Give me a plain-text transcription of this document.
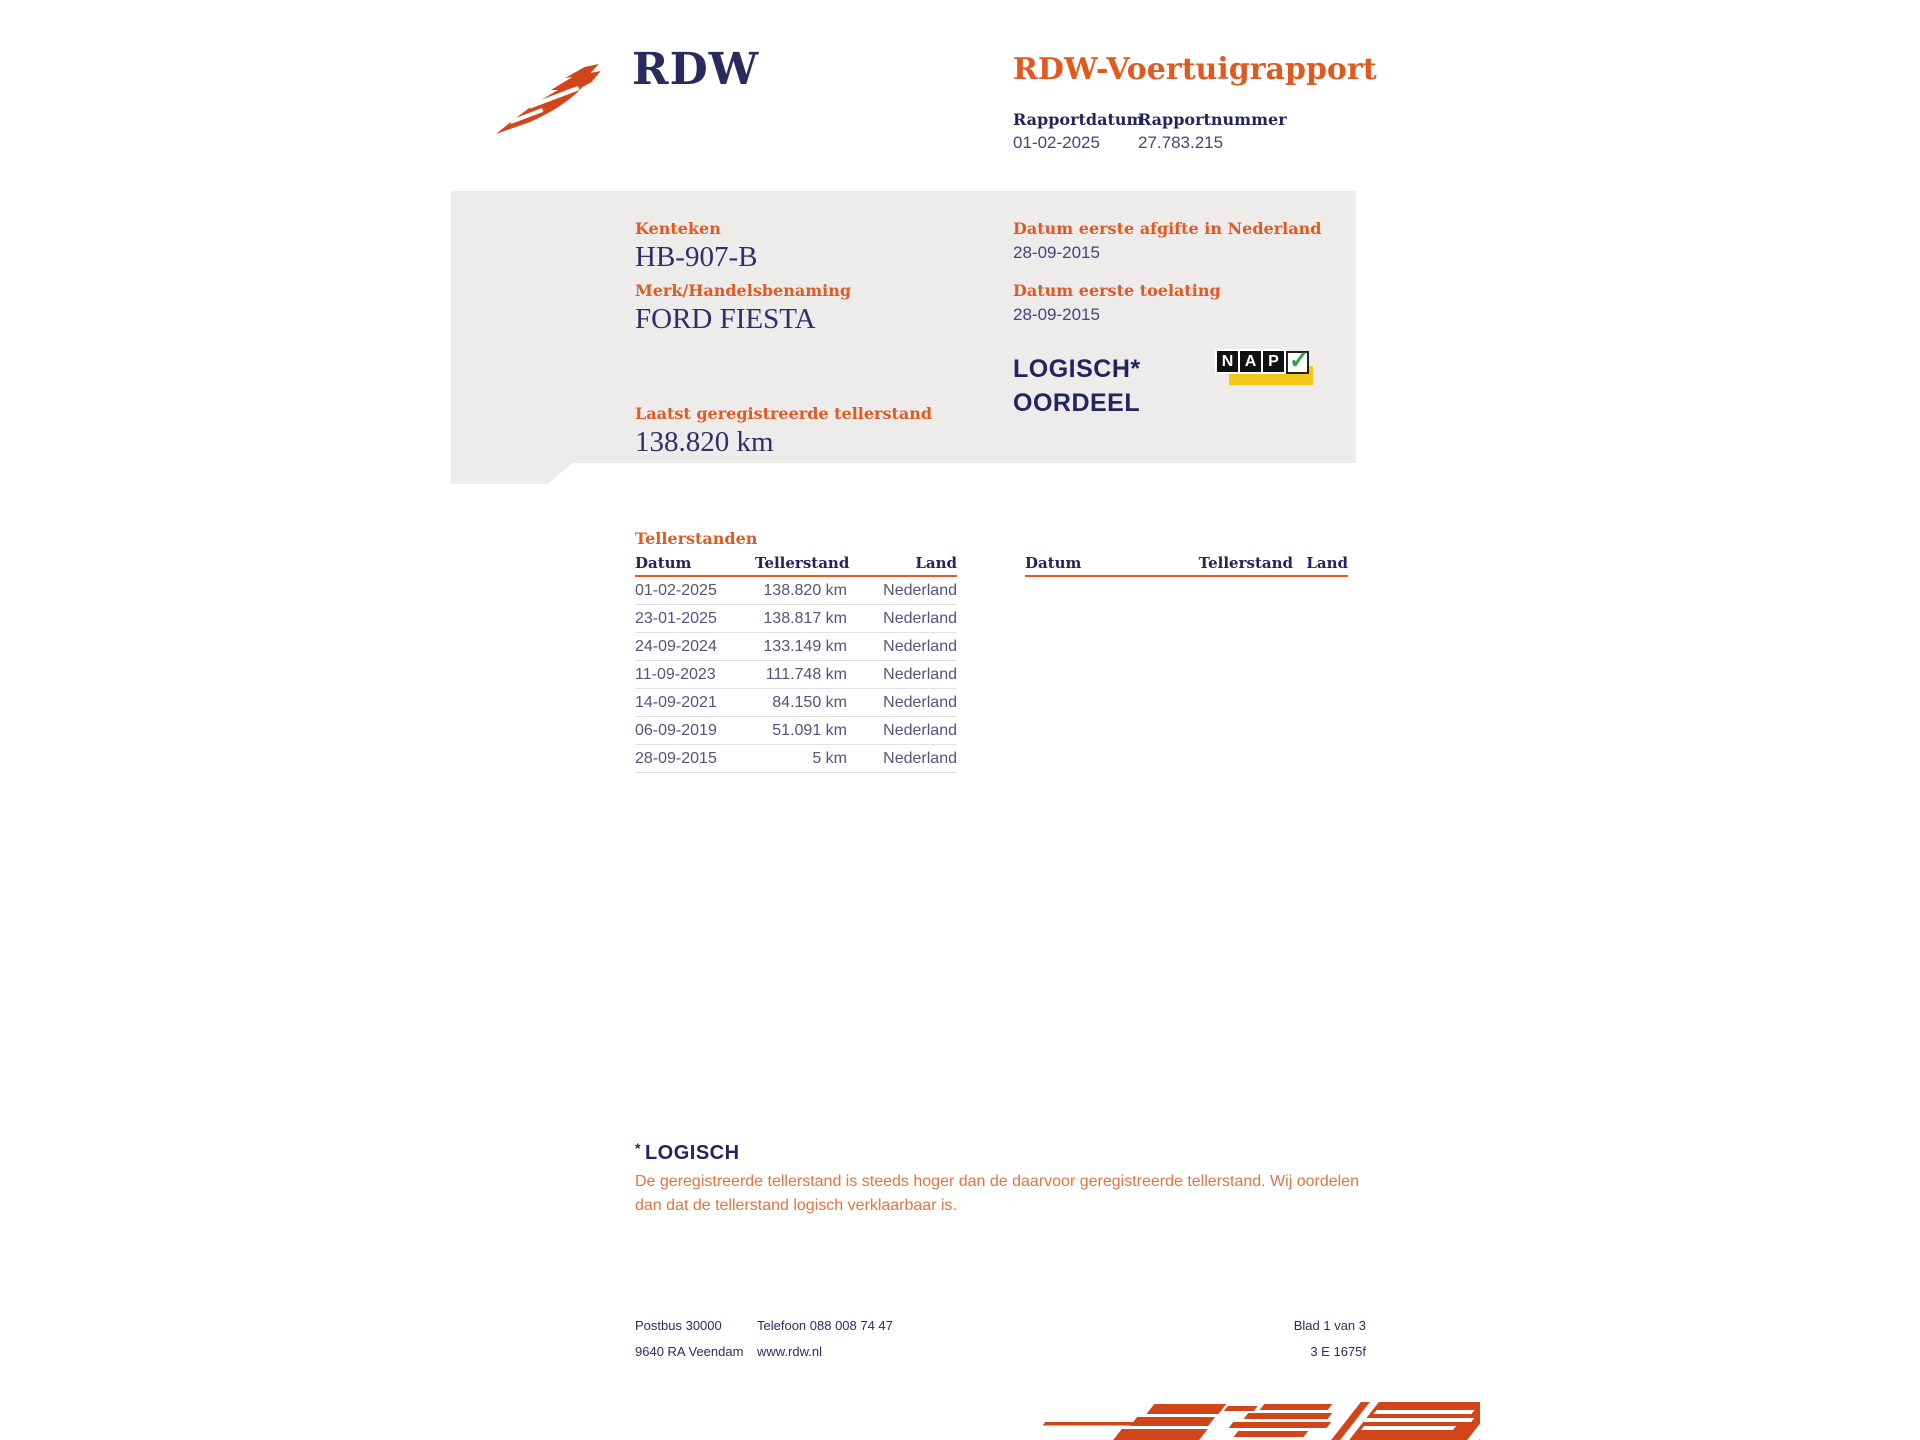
RDW	RDW-Voertuigrapport
Rapportdatum
01-02-2025
Rapportnummer
27.783.215
Kenteken
HB-907-B
Merk/Handelsbenaming
FORD FIESTA
Laatst geregistreerde tellerstand
138.820 km
Datum eerste afgifte in Nederland
28-09-2015
Datum eerste toelating
28-09-2015
LOGISCH*
OORDEEL
N A P ✓
Tellerstanden
Datum	Tellerstand	Land
01-02-2025	138.820 km	Nederland
23-01-2025	138.817 km	Nederland
24-09-2024	133.149 km	Nederland
11-09-2023	111.748 km	Nederland
14-09-2021	84.150 km	Nederland
06-09-2019	51.091 km	Nederland
28-09-2015	5 km	Nederland
Datum	Tellerstand Land
* LOGISCH
De geregistreerde tellerstand is steeds hoger dan de daarvoor geregistreerde tellerstand. Wij oordelen dan dat de tellerstand logisch verklaarbaar is.
Postbus 30000
9640 RA Veendam
Telefoon 088 008 74 47
www.rdw.nl
Blad 1 van 3
3 E 1675f
